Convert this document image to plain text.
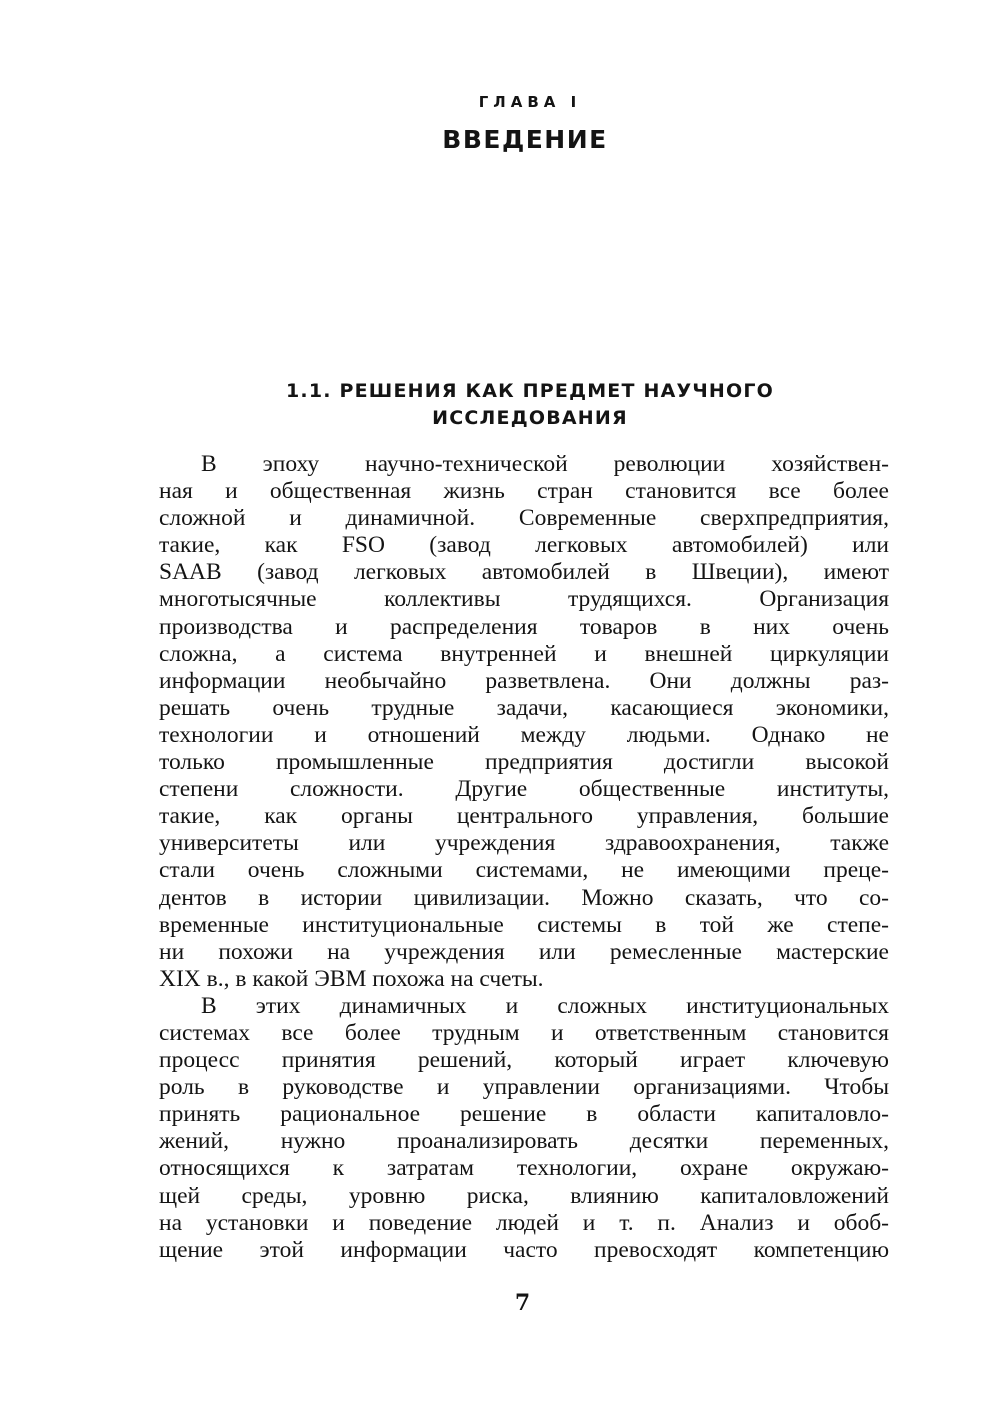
ГЛАВА I
ВВЕДЕНИЕ
1.1. РЕШЕНИЯ КАК ПРЕДМЕТ НАУЧНОГО
ИССЛЕДОВАНИЯ
В эпоху научно-технической революции хозяйствен-
ная и общественная жизнь стран становится все более
сложной и динамичной. Современные сверхпредприятия,
такие, как FSO (завод легковых автомобилей) или
SAAB (завод легковых автомобилей в Швеции), имеют
многотысячные коллективы трудящихся. Организация
производства и распределения товаров в них очень
сложна, а система внутренней и внешней циркуляции
информации необычайно разветвлена. Они должны раз-
решать очень трудные задачи, касающиеся экономики,
технологии и отношений между людьми. Однако не
только промышленные предприятия достигли высокой
степени сложности. Другие общественные институты,
такие, как органы центрального управления, большие
университеты или учреждения здравоохранения, также
стали очень сложными системами, не имеющими преце-
дентов в истории цивилизации. Можно сказать, что со-
временные институциональные системы в той же степе-
ни похожи на учреждения или ремесленные мастерские
XIX в., в какой ЭВМ похожа на счеты.
В этих динамичных и сложных институциональных
системах все более трудным и ответственным становится
процесс принятия решений, который играет ключевую
роль в руководстве и управлении организациями. Чтобы
принять рациональное решение в области капиталовло-
жений, нужно проанализировать десятки переменных,
относящихся к затратам технологии, охране окружаю-
щей среды, уровню риска, влиянию капиталовложений
на установки и поведение людей и т. п. Анализ и обоб-
щение этой информации часто превосходят компетенцию
7
